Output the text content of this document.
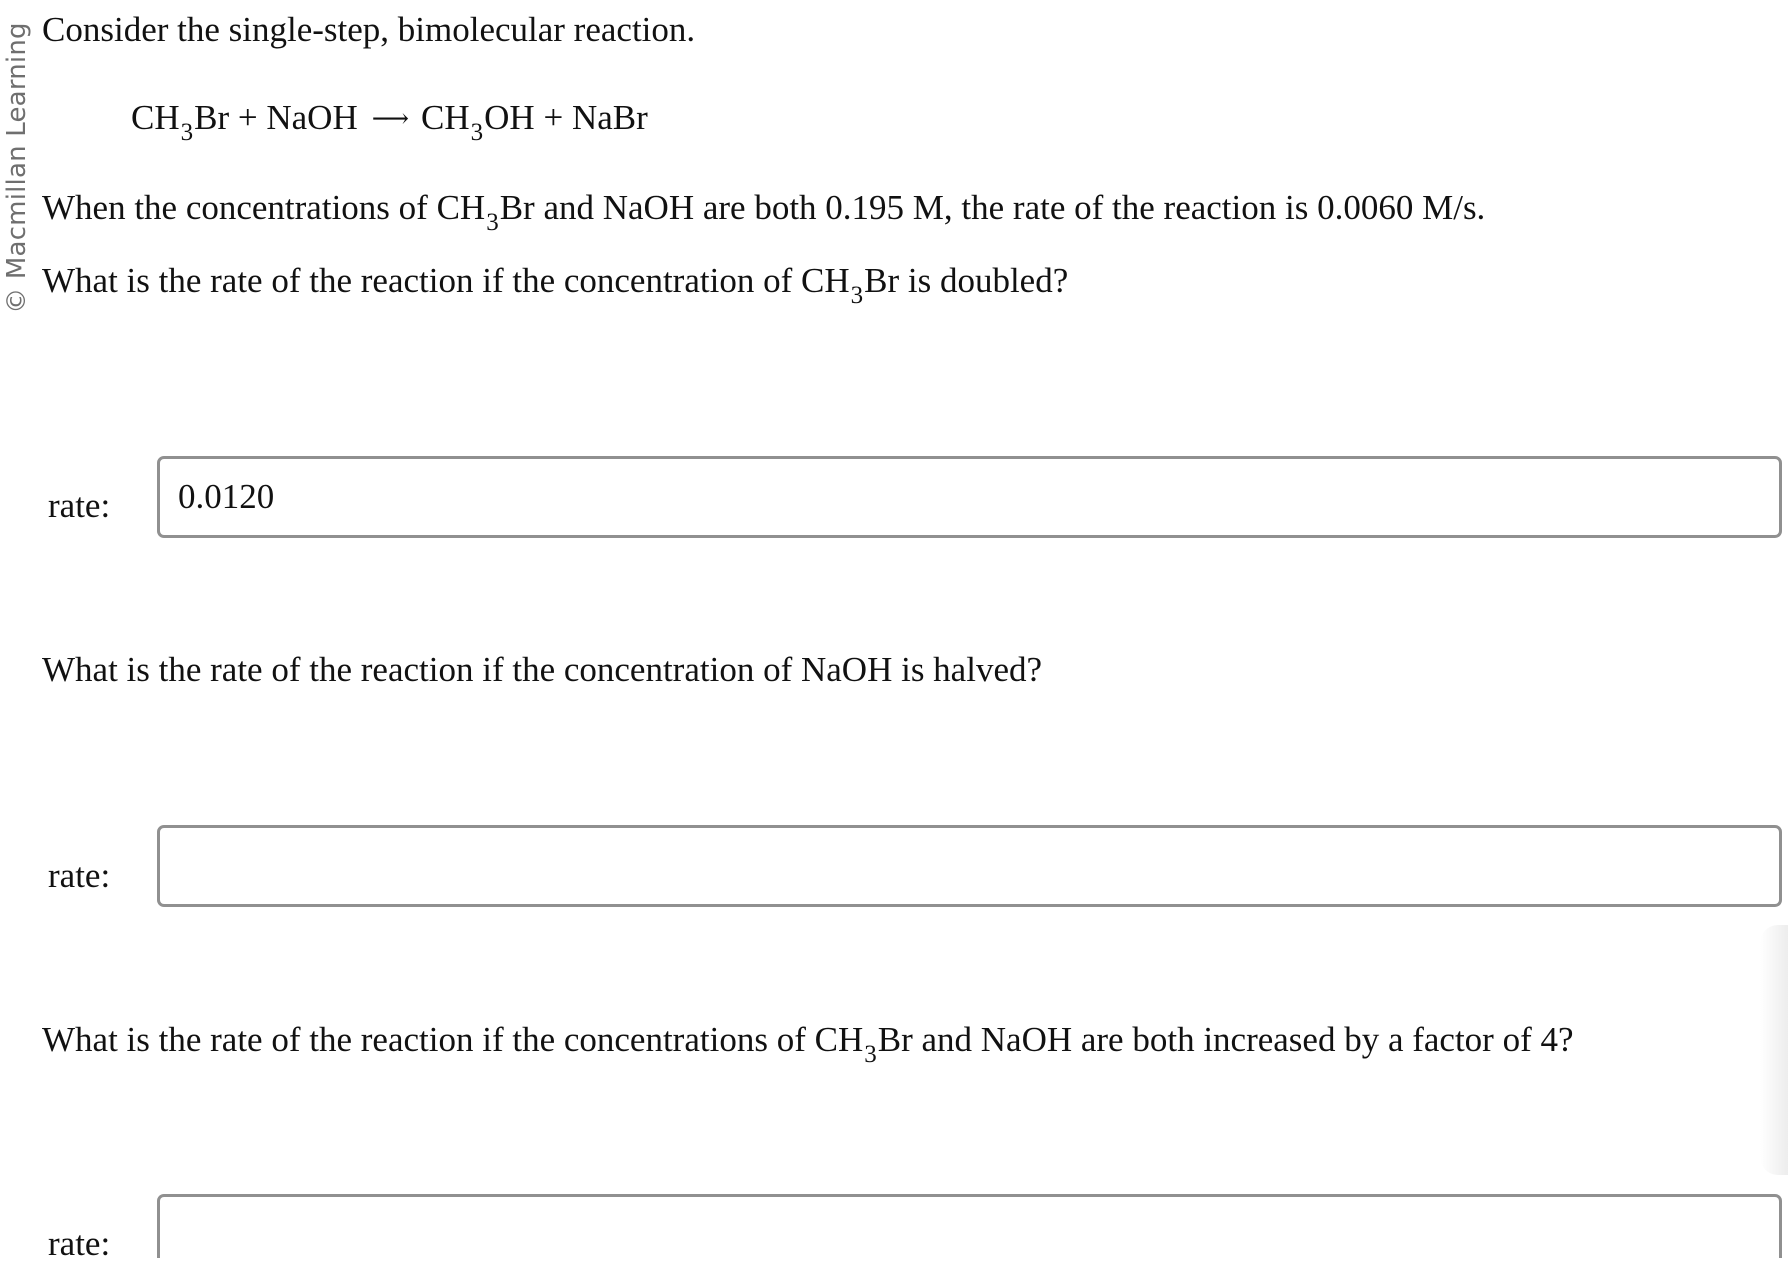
© Macmillan Learning Consider the single-step, bimolecular reaction.
$CH_3Br$ + NaOH ⟶ $CH_3OH$ + NaBr
When the concentrations of $CH_3Br$ and NaOH are both 0.195 M, the rate of the reaction is 0.0060 M/s.
What is the rate of the reaction if the concentration of $CH_3Br$ is doubled?
rate:
0.0120
What is the rate of the reaction if the concentration of NaOH is halved?
rate:
What is the rate of the reaction if the concentrations of $CH_3Br$ and NaOH are both increased by a factor of 4?
rate:
